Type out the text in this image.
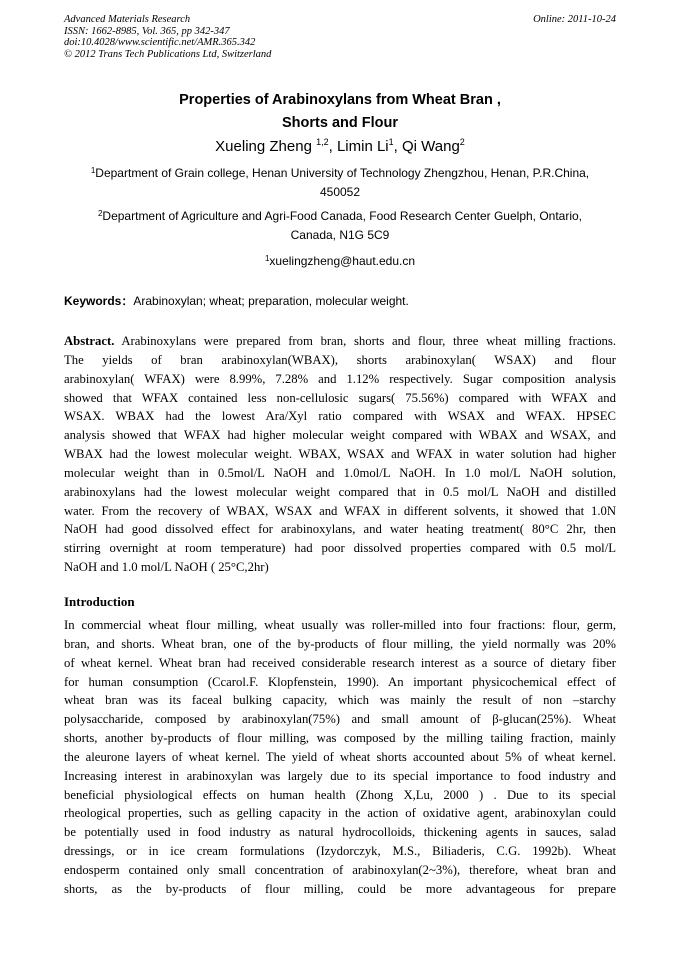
Advanced Materials Research
ISSN: 1662-8985, Vol. 365, pp 342-347
doi:10.4028/www.scientific.net/AMR.365.342
© 2012 Trans Tech Publications Ltd, Switzerland
Online: 2011-10-24
Properties of Arabinoxylans from Wheat Bran ,
Shorts and Flour
Xueling Zheng $^{1,2}$, Limin Li$^1$, Qi Wang$^2$
$^1$Department of Grain college, Henan University of Technology Zhengzhou, Henan, P.R.China,
450052
$^2$Department of Agriculture and Agri-Food Canada, Food Research Center Guelph, Ontario,
Canada, N1G 5C9
$^1$xuelingzheng@haut.edu.cn
Keywords：Arabinoxylan; wheat; preparation, molecular weight.
Abstract. Arabinoxylans were prepared from bran, shorts and flour, three wheat milling fractions.
The yields of bran arabinoxylan(WBAX), shorts arabinoxylan( WSAX) and flour
arabinoxylan( WFAX) were 8.99%, 7.28% and 1.12% respectively. Sugar composition analysis
showed that WFAX contained less non-cellulosic sugars( 75.56%) compared with WFAX and
WSAX. WBAX had the lowest Ara/Xyl ratio compared with WSAX and WFAX. HPSEC
analysis showed that WFAX had higher molecular weight compared with WBAX and WSAX, and
WBAX had the lowest molecular weight. WBAX, WSAX and WFAX in water solution had higher
molecular weight than in 0.5mol/L NaOH and 1.0mol/L NaOH. In 1.0 mol/L NaOH solution,
arabinoxylans had the lowest molecular weight compared that in 0.5 mol/L NaOH and distilled
water. From the recovery of WBAX, WSAX and WFAX in different solvents, it showed that 1.0N
NaOH had good dissolved effect for arabinoxylans, and water heating treatment( 80°C 2hr, then
stirring overnight at room temperature) had poor dissolved properties compared with 0.5 mol/L
NaOH and 1.0 mol/L NaOH ( 25°C,2hr)
Introduction
In commercial wheat flour milling, wheat usually was roller-milled into four fractions: flour, germ,
bran, and shorts. Wheat bran, one of the by-products of flour milling, the yield normally was 20%
of wheat kernel. Wheat bran had received considerable research interest as a source of dietary fiber
for human consumption (Ccarol.F. Klopfenstein, 1990). An important physicochemical effect of
wheat bran was its faceal bulking capacity, which was mainly the result of non –starchy
polysaccharide, composed by arabinoxylan(75%) and small amount of β-glucan(25%). Wheat
shorts, another by-products of flour milling, was composed by the milling tailing fraction, mainly
the aleurone layers of wheat kernel. The yield of wheat shorts accounted about 5% of wheat kernel.
Increasing interest in arabinoxylan was largely due to its special importance to food industry and
beneficial physiological effects on human health (Zhong X,Lu, 2000 ) . Due to its special
rheological properties, such as gelling capacity in the action of oxidative agent, arabinoxylan could
be potentially used in food industry as natural hydrocolloids, thickening agents in sauces, salad
dressings, or in ice cream formulations (Izydorczyk, M.S., Biliaderis, C.G. 1992b). Wheat
endosperm contained only small concentration of arabinoxylan(2~3%), therefore, wheat bran and
shorts, as the by-products of flour milling, could be more advantageous for prepare
